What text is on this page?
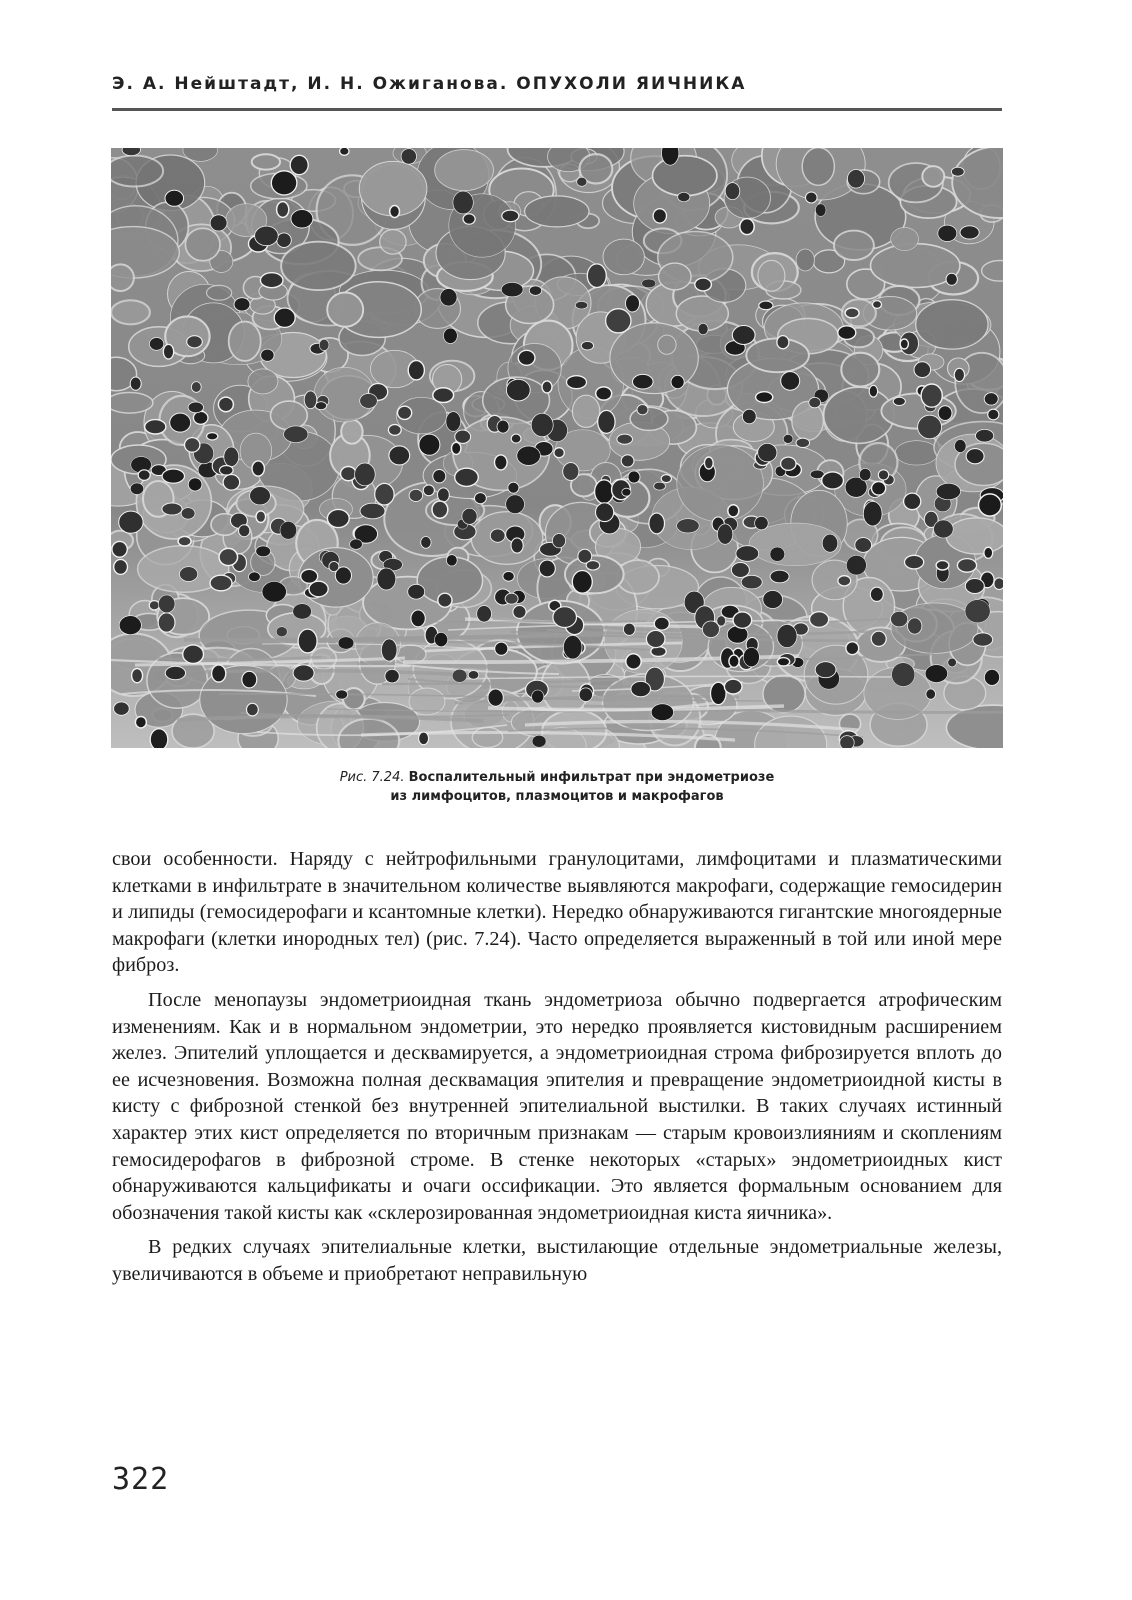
Э. А. Нейштадт, И. Н. Ожиганова. ОПУХОЛИ ЯИЧНИКА
Рис. 7.24. Воспалительный инфильтрат при эндометриозе
из лимфоцитов, плазмоцитов и макрофагов

свои особенности. Наряду с нейтрофильными гранулоцитами, лимфоцитами и плазматическими клетками в инфильтрате в значительном количестве выявляются макрофаги, содержащие гемосидерин и липиды (гемосидерофаги и ксантомные клетки). Нередко обнаруживаются гигантские многоядерные макрофаги (клетки инородных тел) (рис. 7.24). Часто определяется выраженный в той или иной мере фиброз.

После менопаузы эндометриоидная ткань эндометриоза обычно подвергается атрофическим изменениям. Как и в нормальном эндометрии, это нередко проявляется кистовидным расширением желез. Эпителий уплощается и десквамируется, а эндометриоидная строма фиброзируется вплоть до ее исчезновения. Возможна полная десквамация эпителия и превращение эндометриоидной кисты в кисту с фиброзной стенкой без внутренней эпителиальной выстилки. В таких случаях истинный характер этих кист определяется по вторичным признакам — старым кровоизлияниям и скоплениям гемосидерофагов в фиброзной строме. В стенке некоторых «старых» эндометриоидных кист обнаруживаются кальцификаты и очаги оссификации. Это является формальным основанием для обозначения такой кисты как «склерозированная эндометриоидная киста яичника».

В редких случаях эпителиальные клетки, выстилающие отдельные эндометриальные железы, увеличиваются в объеме и приобретают неправильную

322
